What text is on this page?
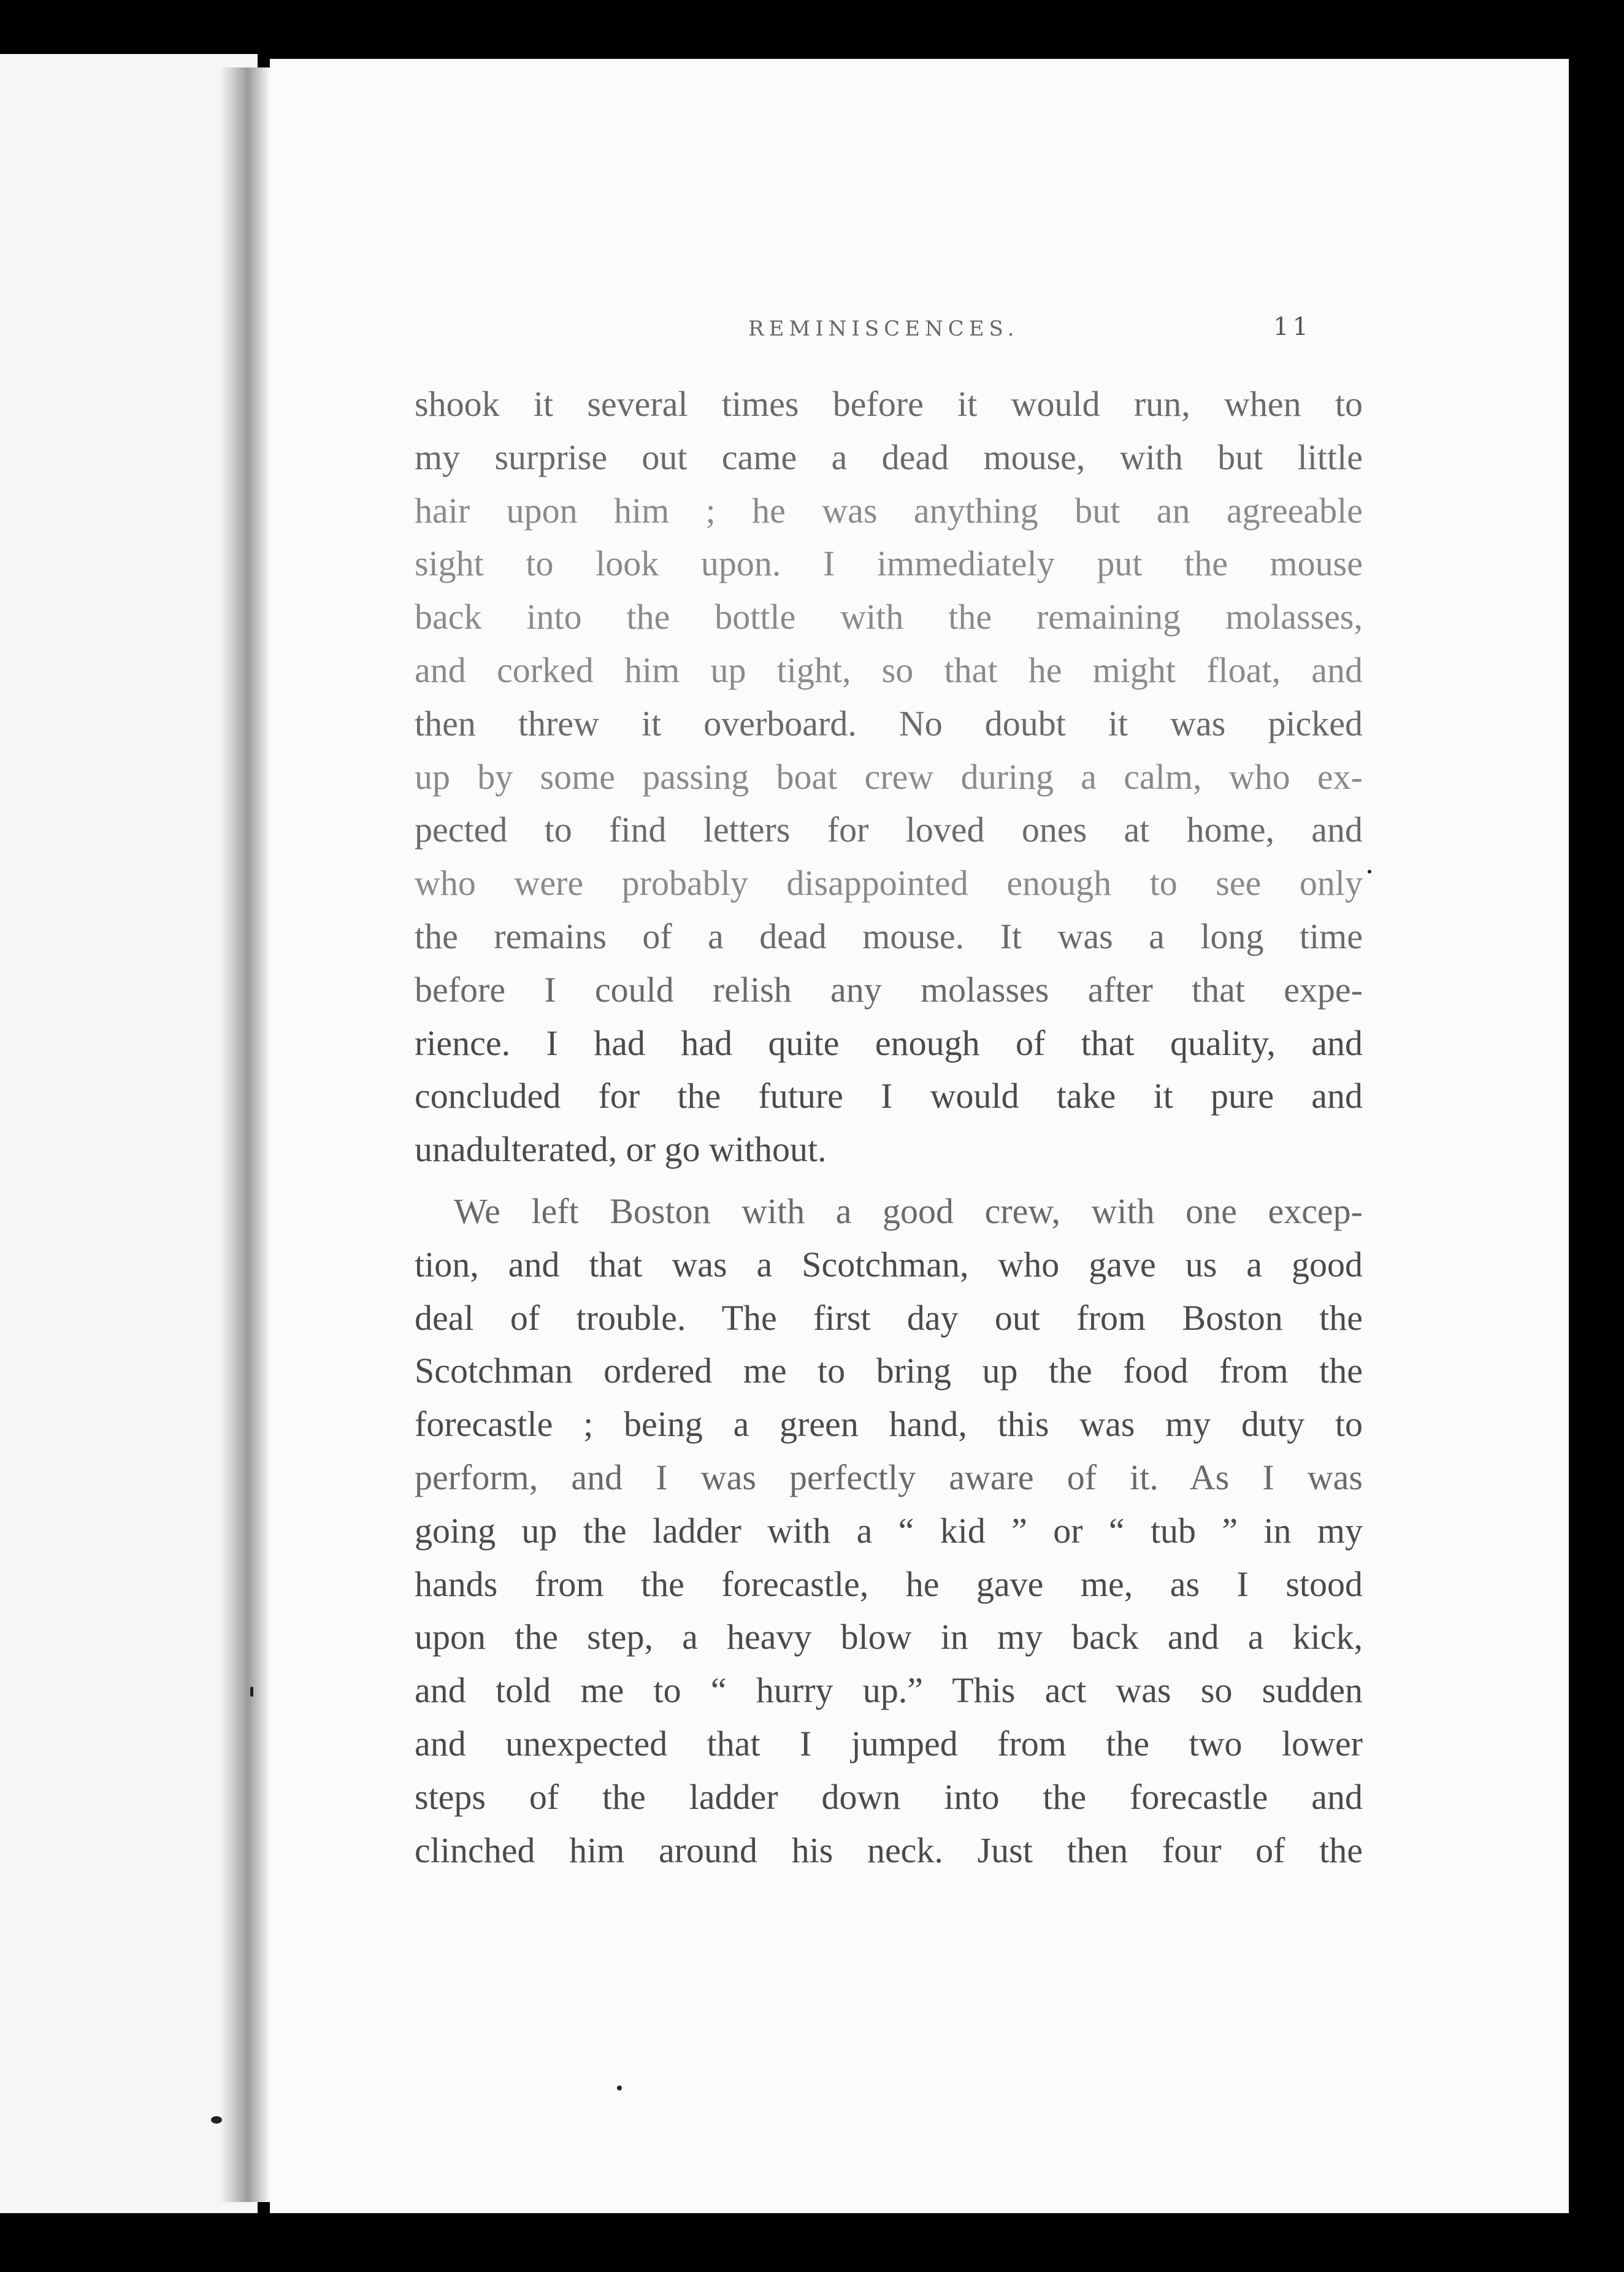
REMINISCENCES.	11
shook it several times before it would run, when to
my surprise out came a dead mouse, with but little
hair upon him ; he was anything but an agreeable
sight to look upon. I immediately put the mouse
back into the bottle with the remaining molasses,
and corked him up tight, so that he might float, and
then threw it overboard. No doubt it was picked
up by some passing boat crew during a calm, who ex-
pected to find letters for loved ones at home, and
who were probably disappointed enough to see only
the remains of a dead mouse. It was a long time
before I could relish any molasses after that expe-
rience. I had had quite enough of that quality, and
concluded for the future I would take it pure and
unadulterated, or go without.
We left Boston with a good crew, with one excep-
tion, and that was a Scotchman, who gave us a good
deal of trouble. The first day out from Boston the
Scotchman ordered me to bring up the food from the
forecastle ; being a green hand, this was my duty to
perform, and I was perfectly aware of it. As I was
going up the ladder with a “ kid ” or “ tub ” in my
hands from the forecastle, he gave me, as I stood
upon the step, a heavy blow in my back and a kick,
and told me to “ hurry up.” This act was so sudden
and unexpected that I jumped from the two lower
steps of the ladder down into the forecastle and
clinched him around his neck. Just then four of the
